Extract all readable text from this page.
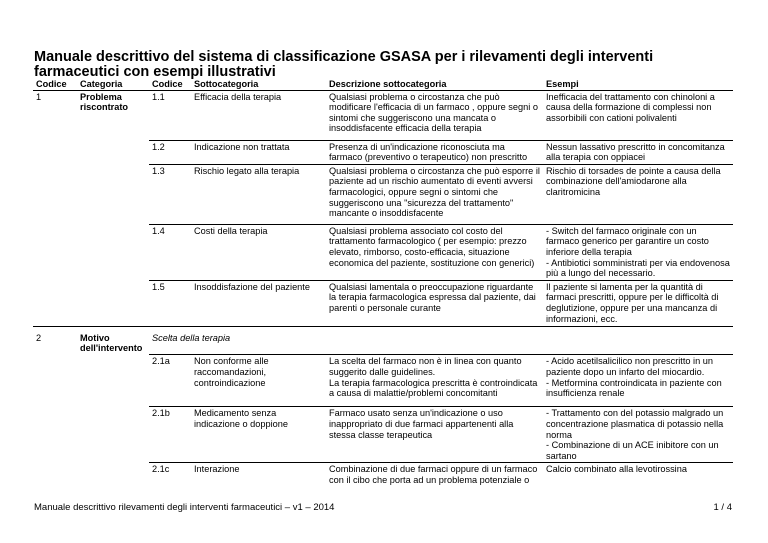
Manuale descrittivo del sistema di classificazione GSASA per i rilevamenti degli interventi farmaceutici con esempi illustrativi
Codice	Categoria	Codice	Sottocategoria	Descrizione sottocategoria	Esempi
1	Problema riscontrato	1.1	Efficacia della terapia	Qualsiasi problema o circostanza che può modificare l'efficacia di un farmaco , oppure segni o sintomi che suggeriscono una mancata o insoddisfacente efficacia della terapia	Inefficacia del trattamento con chinoloni a causa della formazione di complessi non assorbibili con cationi polivalenti
		1.2	Indicazione non trattata	Presenza di un'indicazione riconosciuta ma farmaco (preventivo o terapeutico) non prescritto	Nessun lassativo prescritto in concomitanza alla terapia con oppiacei
		1.3	Rischio legato alla terapia	Qualsiasi problema o circostanza che può esporre il paziente ad un rischio aumentato di eventi avversi farmacologici, oppure segni o sintomi che suggeriscono una "sicurezza del trattamento" mancante o insoddisfacente	Rischio di torsades de pointe a causa della combinazione dell'amiodarone alla claritromicina
		1.4	Costi della terapia	Qualsiasi problema associato col costo del trattamento farmacologico ( per esempio: prezzo elevato, rimborso, costo-efficacia, situazione economica del paziente, sostituzione con generici)	- Switch del farmaco originale con un farmaco generico per garantire un costo inferiore della terapia
- Antibiotici somministrati per via endovenosa più a lungo del necessario.
		1.5	Insoddisfazione del paziente	Qualsiasi lamentala o preoccupazione riguardante la terapia farmacologica espressa dal paziente, dai parenti o personale curante	Il paziente si lamenta per la quantità di farmaci prescritti, oppure per le difficoltà di deglutizione, oppure per una mancanza di informazioni, ecc.
2	Motivo dell'intervento	Scelta della terapia			
		2.1a	Non conforme alle raccomandazioni, controindicazione	La scelta del farmaco non è in linea con quanto suggerito dalle guidelines.
La terapia farmacologica prescritta è controindicata a causa di malattie/problemi concomitanti	- Acido acetilsalicilico non prescritto in un paziente dopo un infarto del miocardio.
- Metformina controindicata in paziente con insufficienza renale
		2.1b	Medicamento senza indicazione o doppione	Farmaco usato senza un'indicazione o uso inappropriato di due farmaci appartenenti alla stessa classe terapeutica	- Trattamento con del potassio malgrado un concentrazione plasmatica di potassio nella norma
- Combinazione di un ACE inibitore con un sartano
		2.1c	Interazione	Combinazione di due farmaci oppure di un farmaco con il cibo che porta ad un problema potenziale o	Calcio combinato alla levotirossina

Manuale descrittivo rilevamenti degli interventi farmaceutici – v1 – 2014	1 / 4
